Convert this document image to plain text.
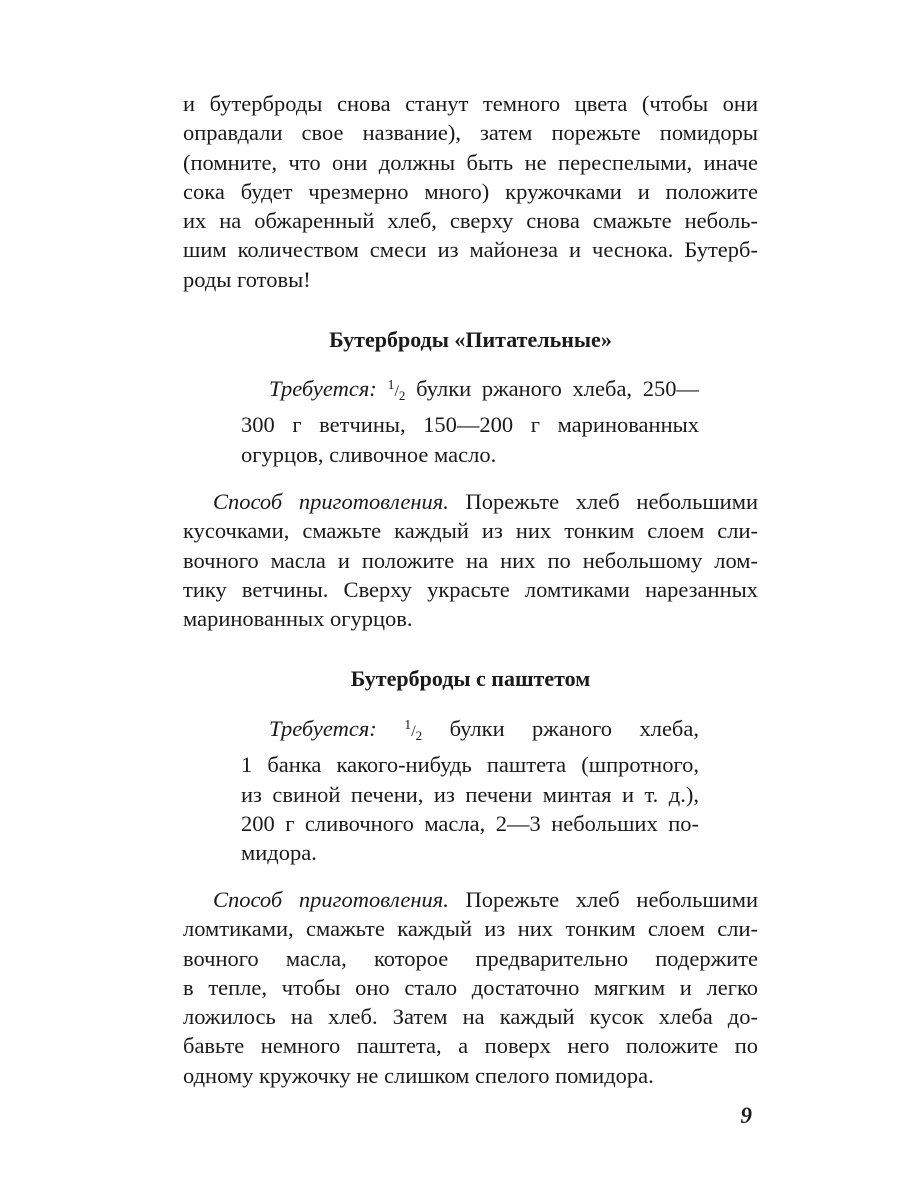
и бутерброды снова станут темного цвета (чтобы они
оправдали свое название), затем порежьте помидоры
(помните, что они должны быть не переспелыми, иначе
сока будет чрезмерно много) кружочками и положите
их на обжаренный хлеб, сверху снова смажьте неболь-
шим количеством смеси из майонеза и чеснока. Бутерб-
роды готовы!
Бутерброды «Питательные»
Требуется: $^1/_2$ булки ржаного хлеба, 250—
300 г ветчины, 150—200 г маринованных
огурцов, сливочное масло.
Способ приготовления. Порежьте хлеб небольшими
кусочками, смажьте каждый из них тонким слоем сли-
вочного масла и положите на них по небольшому лом-
тику ветчины. Сверху украсьте ломтиками нарезанных
маринованных огурцов.
Бутерброды с паштетом
Требуется: $^1/_2$ булки ржаного хлеба,
1 банка какого-нибудь паштета (шпротного,
из свиной печени, из печени минтая и т. д.),
200 г сливочного масла, 2—3 небольших по-
мидора.
Способ приготовления. Порежьте хлеб небольшими
ломтиками, смажьте каждый из них тонким слоем сли-
вочного масла, которое предварительно подержите
в тепле, чтобы оно стало достаточно мягким и легко
ложилось на хлеб. Затем на каждый кусок хлеба до-
бавьте немного паштета, а поверх него положите по
одному кружочку не слишком спелого помидора.
9
